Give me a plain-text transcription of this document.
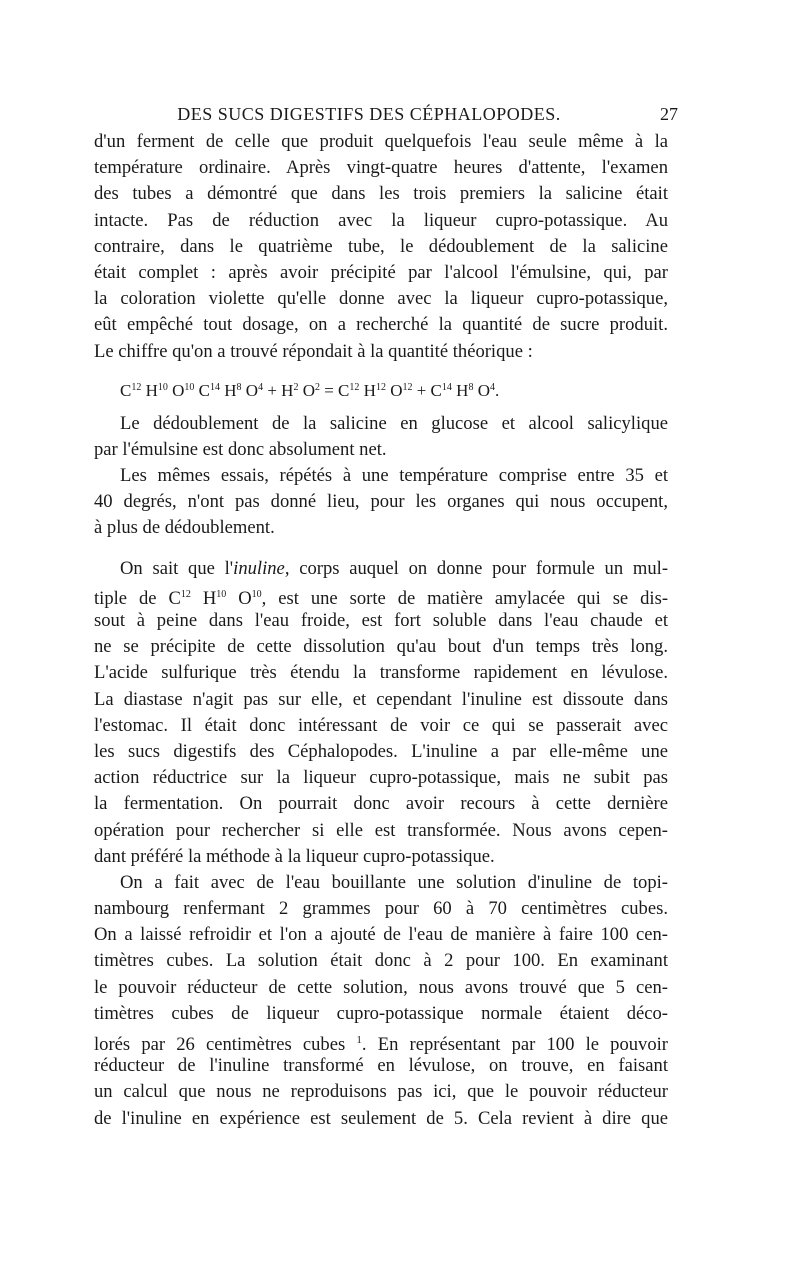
DES SUCS DIGESTIFS DES CÉPHALOPODES.	27
d'un ferment de celle que produit quelquefois l'eau seule même à la
température ordinaire. Après vingt-quatre heures d'attente, l'examen
des tubes a démontré que dans les trois premiers la salicine était
intacte. Pas de réduction avec la liqueur cupro-potassique. Au
contraire, dans le quatrième tube, le dédoublement de la salicine
était complet : après avoir précipité par l'alcool l'émulsine, qui, par
la coloration violette qu'elle donne avec la liqueur cupro-potassique,
eût empêché tout dosage, on a recherché la quantité de sucre produit.
Le chiffre qu'on a trouvé répondait à la quantité théorique :
$C^{12}$ $H^{10}$ $O^{10}$ $C^{14}$ $H^8$ $O^4 + H^2$ $O^2 = C^{12}$ $H^{12}$ $O^{12} + C^{14}$ $H^8$ $O^4$.
Le dédoublement de la salicine en glucose et alcool salicylique
par l'émulsine est donc absolument net.
Les mêmes essais, répétés à une température comprise entre 35 et
40 degrés, n'ont pas donné lieu, pour les organes qui nous occupent,
à plus de dédoublement.
On sait que l'inuline, corps auquel on donne pour formule un mul-
tiple de $C^{12}$ $H^{10}$ $O^{10}$, est une sorte de matière amylacée qui se dis-
sout à peine dans l'eau froide, est fort soluble dans l'eau chaude et
ne se précipite de cette dissolution qu'au bout d'un temps très long.
L'acide sulfurique très étendu la transforme rapidement en lévulose.
La diastase n'agit pas sur elle, et cependant l'inuline est dissoute dans
l'estomac. Il était donc intéressant de voir ce qui se passerait avec
les sucs digestifs des Céphalopodes. L'inuline a par elle-même une
action réductrice sur la liqueur cupro-potassique, mais ne subit pas
la fermentation. On pourrait donc avoir recours à cette dernière
opération pour rechercher si elle est transformée. Nous avons cepen-
dant préféré la méthode à la liqueur cupro-potassique.
On a fait avec de l'eau bouillante une solution d'inuline de topi-
nambourg renfermant 2 grammes pour 60 à 70 centimètres cubes.
On a laissé refroidir et l'on a ajouté de l'eau de manière à faire 100 cen-
timètres cubes. La solution était donc à 2 pour 100. En examinant
le pouvoir réducteur de cette solution, nous avons trouvé que 5 cen-
timètres cubes de liqueur cupro-potassique normale étaient déco-
lorés par 26 centimètres cubes $^1$. En représentant par 100 le pouvoir
réducteur de l'inuline transformé en lévulose, on trouve, en faisant
un calcul que nous ne reproduisons pas ici, que le pouvoir réducteur
de l'inuline en expérience est seulement de 5. Cela revient à dire que
